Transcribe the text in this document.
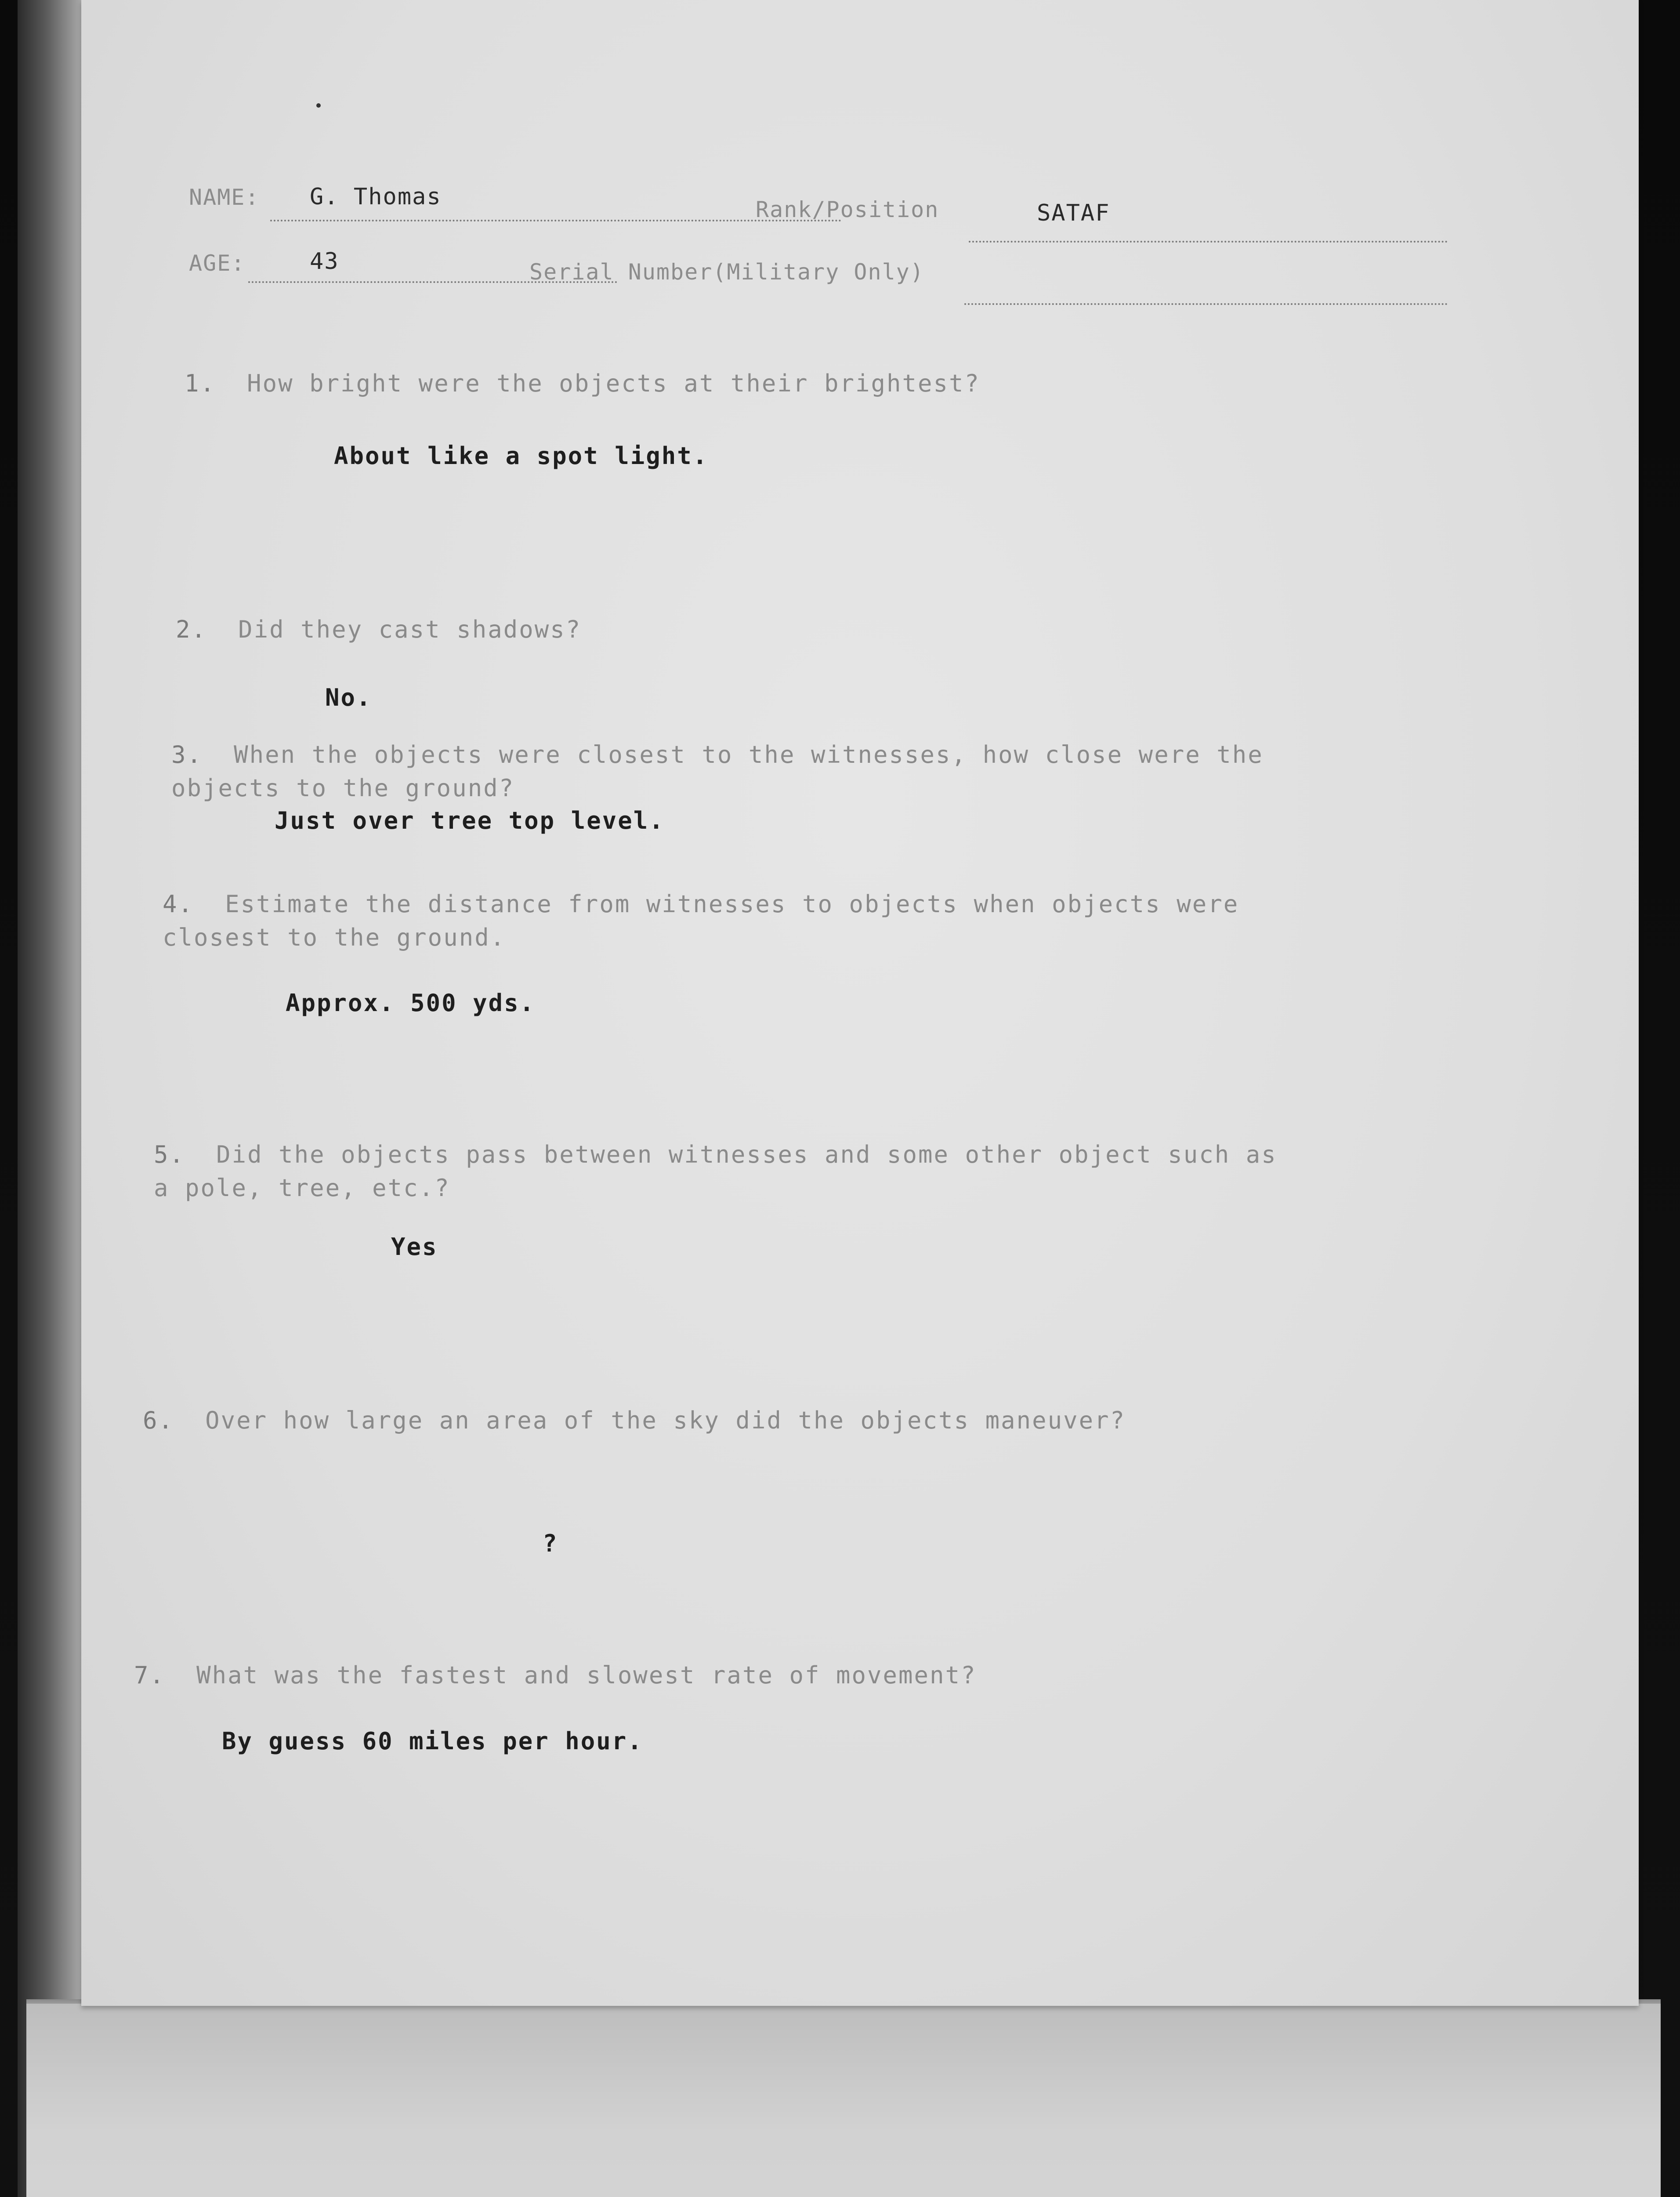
NAME: G. Thomas	Rank/Position	SATAF
AGE:	43	Serial Number(Military Only)
1. How bright were the objects at their brightest?
About like a spot light.
2. Did they cast shadows?
No.
3. When the objects were closest to the witnesses, how close were the
objects to the ground?
Just over tree top level.
4. Estimate the distance from witnesses to objects when objects were
closest to the ground.
Approx. 500 yds.
5. Did the objects pass between witnesses and some other object such as
a pole, tree, etc.?
Yes
6. Over how large an area of the sky did the objects maneuver?
?
7. What was the fastest and slowest rate of movement?
By guess 60 miles per hour.
